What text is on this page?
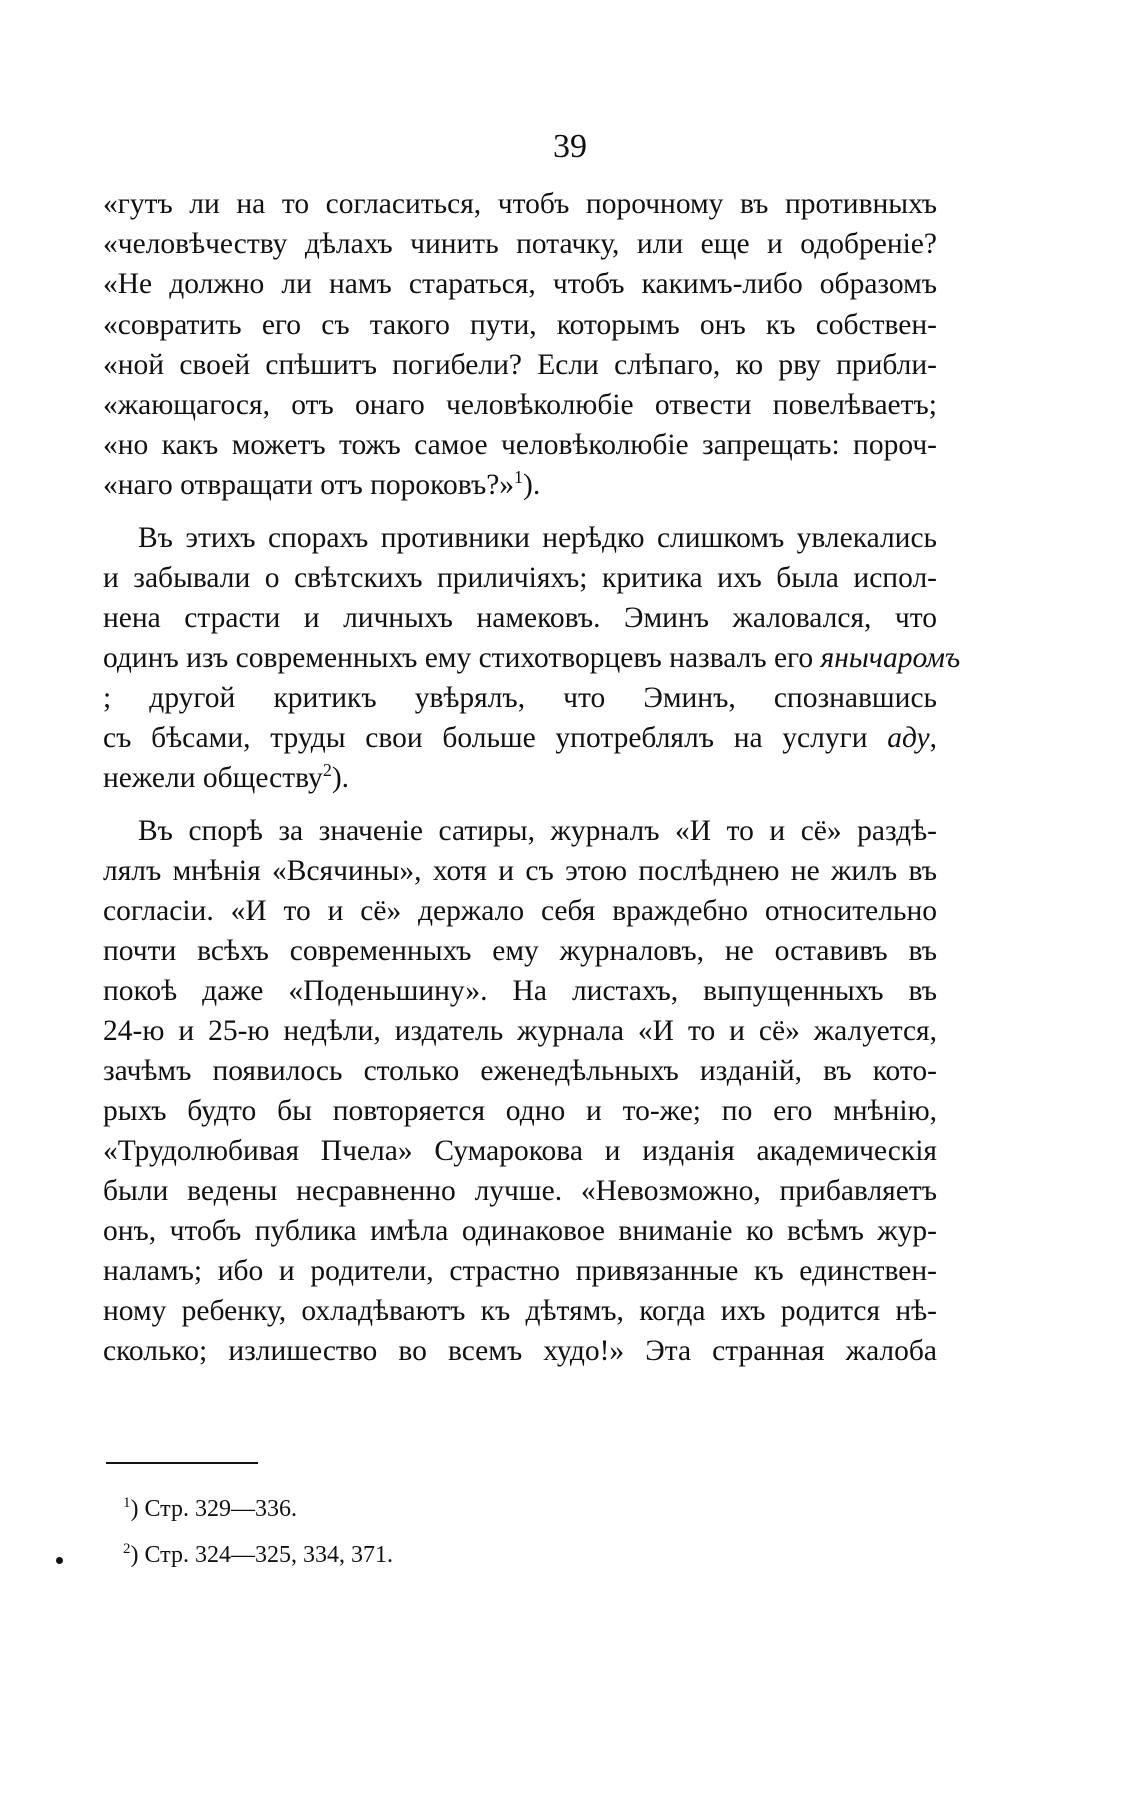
39
«гутъ ли на то согласиться, чтобъ порочному въ противныхъ
«человѣчеству дѣлахъ чинить потачку, или еще и одобреніе?
«Не должно ли намъ стараться, чтобъ какимъ-либо образомъ
«совратить его съ такого пути, которымъ онъ къ собствен-
«ной своей спѣшитъ погибели? Если слѣпаго, ко рву прибли-
«жающагося, отъ онаго человѣколюбіе отвести повелѣваетъ;
«но какъ можетъ тожъ самое человѣколюбіе запрещать: пороч-
«наго отвращати отъ пороковъ?»$^1$).
Въ этихъ спорахъ противники нерѣдко слишкомъ увлекались
и забывали о свѣтскихъ приличіяхъ; критика ихъ была испол-
нена страсти и личныхъ намековъ. Эминъ жаловался, что
одинъ изъ современныхъ ему стихотворцевъ назвалъ его янычаромъ
; другой критикъ увѣрялъ, что Эминъ, спознавшись
съ бѣсами, труды свои больше употреблялъ на услуги аду,
нежели обществу$^2$).
Въ спорѣ за значеніе сатиры, журналъ «И то и сё» раздѣ-
лялъ мнѣнія «Всячины», хотя и съ этою послѣднею не жилъ въ
согласіи. «И то и сё» держало себя враждебно относительно
почти всѣхъ современныхъ ему журналовъ, не оставивъ въ
покоѣ даже «Поденьшину». На листахъ, выпущенныхъ въ
24-ю и 25-ю недѣли, издатель журнала «И то и сё» жалуется,
зачѣмъ появилось столько еженедѣльныхъ изданій, въ кото-
рыхъ будто бы повторяется одно и то-же; по его мнѣнію,
«Трудолюбивая Пчела» Сумарокова и изданія академическія
были ведены несравненно лучше. «Невозможно, прибавляетъ
онъ, чтобъ публика имѣла одинаковое вниманіе ко всѣмъ жур-
наламъ; ибо и родители, страстно привязанные къ единствен-
ному ребенку, охладѣваютъ къ дѣтямъ, когда ихъ родится нѣ-
сколько; излишество во всемъ худо!» Эта странная жалоба
$^1$) Стр. 329—336.
$^2$) Стр. 324—325, 334, 371.
